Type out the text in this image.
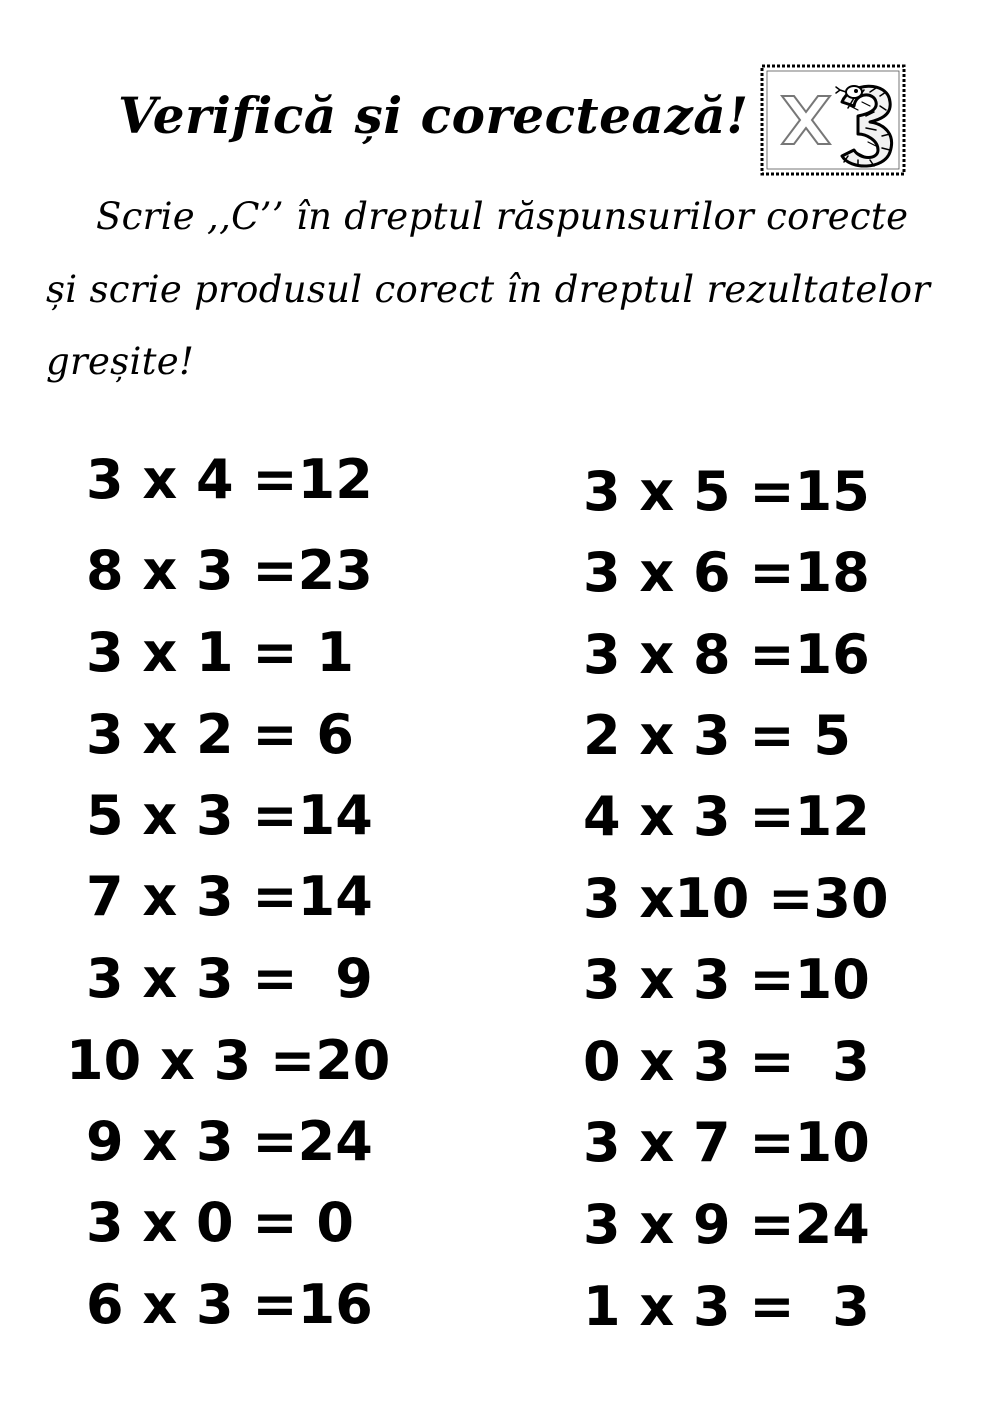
Verifică și corectează!
Scrie ,,C’’ în dreptul răspunsurilor corecte
și scrie produsul corect în dreptul rezultatelor
greșite!
3 x 4 =12
8 x 3 =23
3 x 1 = 1
3 x 2 = 6
5 x 3 =14
7 x 3 =14
3 x 3 =  9
10 x 3 =20
9 x 3 =24
3 x 0 = 0
6 x 3 =16
3 x 5 =15
3 x 6 =18
3 x 8 =16
2 x 3 = 5
4 x 3 =12
3 x10 =30
3 x 3 =10
0 x 3 =  3
3 x 7 =10
3 x 9 =24
1 x 3 =  3
